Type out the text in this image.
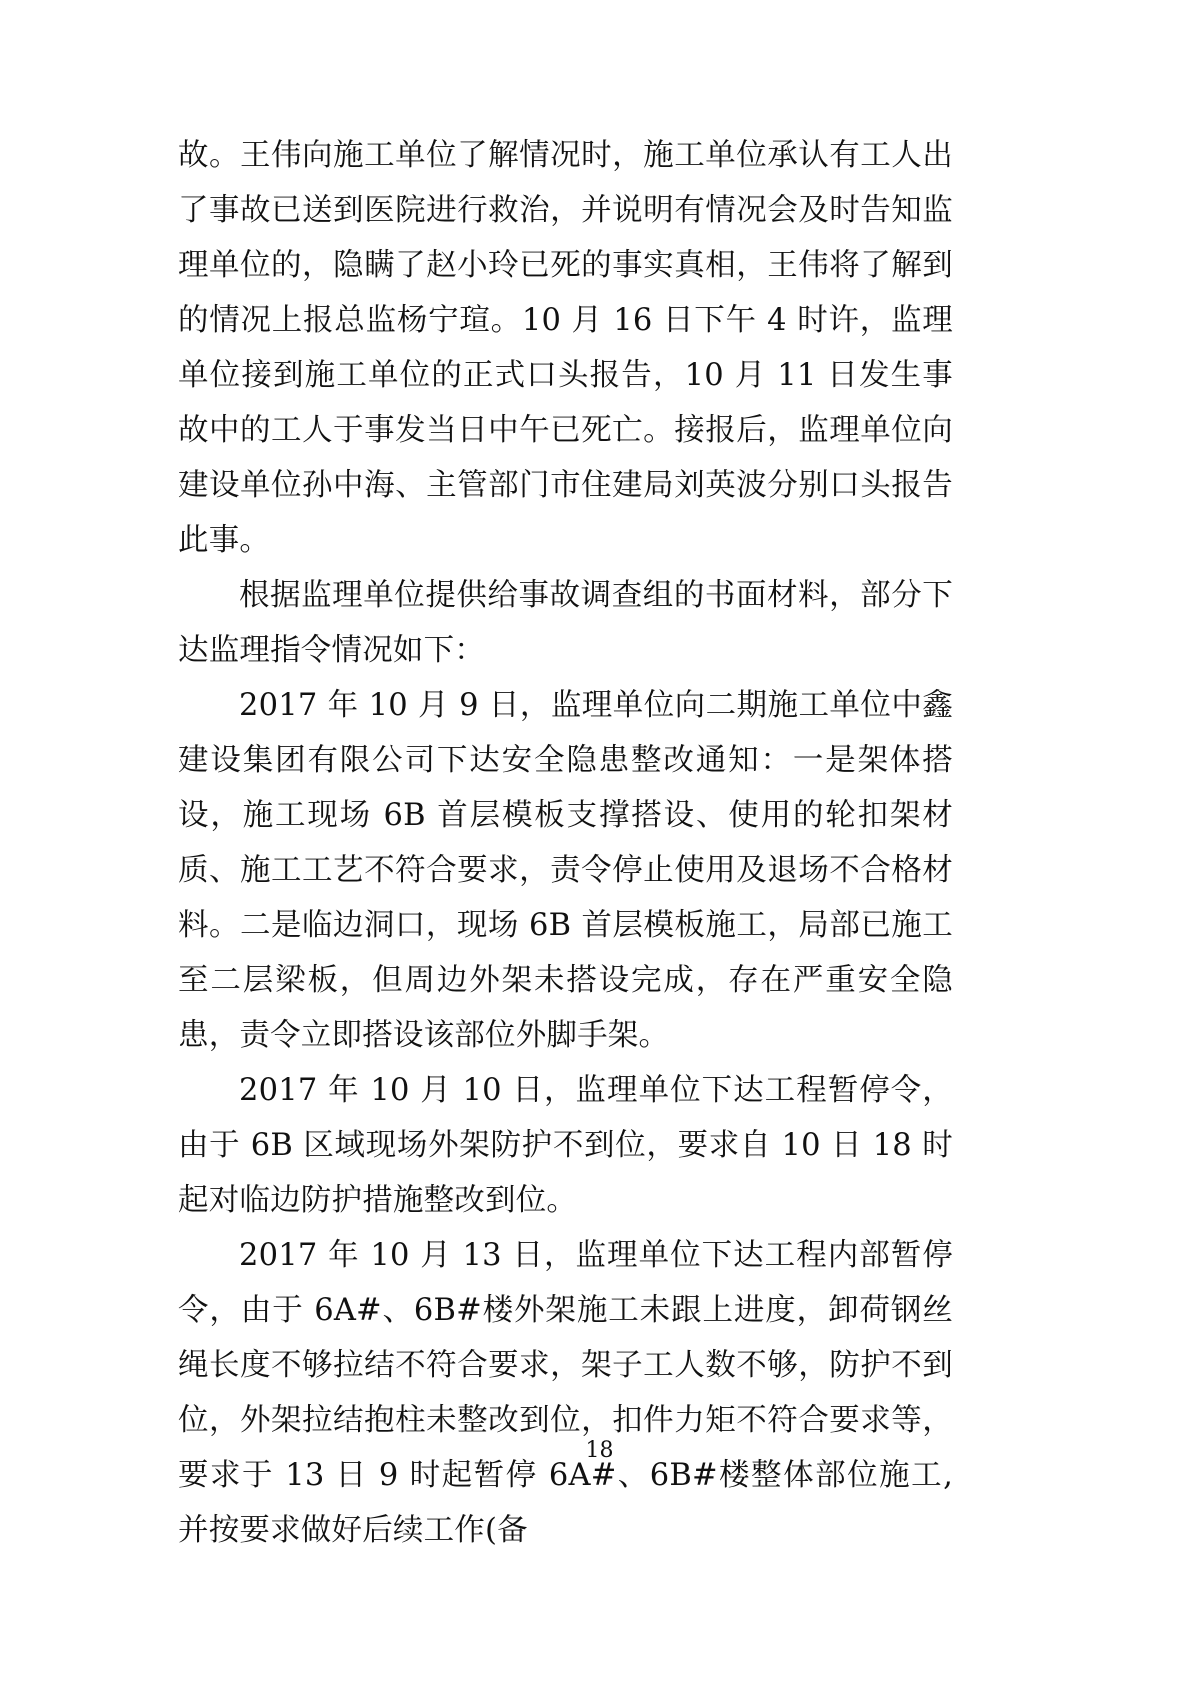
故。王伟向施工单位了解情况时，施工单位承认有工人出了事故已送到医院进行救治，并说明有情况会及时告知监理单位的，隐瞒了赵小玲已死的事实真相，王伟将了解到的情况上报总监杨宁瑄。10 月 16 日下午 4 时许，监理单位接到施工单位的正式口头报告，10 月 11 日发生事故中的工人于事发当日中午已死亡。接报后，监理单位向建设单位孙中海、主管部门市住建局刘英波分别口头报告此事。

根据监理单位提供给事故调查组的书面材料，部分下达监理指令情况如下：

2017 年 10 月 9 日，监理单位向二期施工单位中鑫建设集团有限公司下达安全隐患整改通知：一是架体搭设，施工现场 6B 首层模板支撑搭设、使用的轮扣架材质、施工工艺不符合要求，责令停止使用及退场不合格材料。二是临边洞口，现场 6B 首层模板施工，局部已施工至二层梁板，但周边外架未搭设完成，存在严重安全隐患，责令立即搭设该部位外脚手架。

2017 年 10 月 10 日，监理单位下达工程暂停令，由于 6B 区域现场外架防护不到位，要求自 10 日 18 时起对临边防护措施整改到位。

2017 年 10 月 13 日，监理单位下达工程内部暂停令，由于 6A#、6B#楼外架施工未跟上进度，卸荷钢丝绳长度不够拉结不符合要求，架子工人数不够，防护不到位，外架拉结抱柱未整改到位，扣件力矩不符合要求等，要求于 13 日 9 时起暂停 6A#、6B#楼整体部位施工,并按要求做好后续工作(备

18
